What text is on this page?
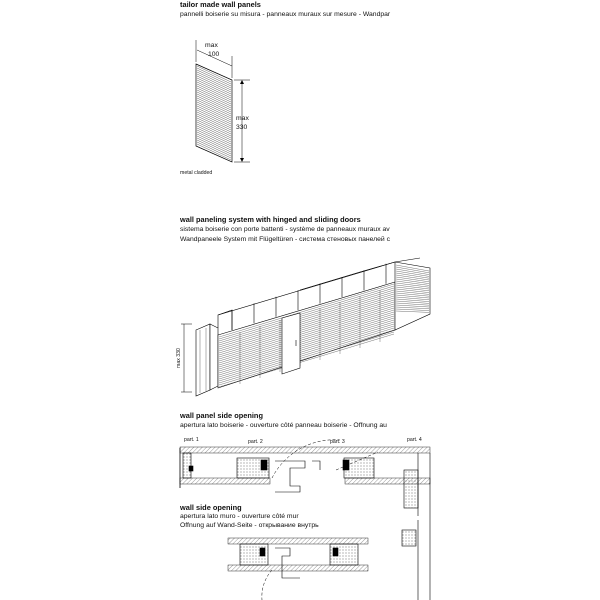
tailor made wall panels
pannelli boiserie su misura - panneaux muraux sur mesure - Wandpar
max
100
max
330
metal cladded
wall paneling system with hinged and sliding doors
sistema boiserie con porte battenti - système de panneaux muraux av
Wandpaneele System mit Flügeltüren - система стеновых панелей с
max 330
wall panel side opening
apertura lato boiserie - ouverture côté panneau boiserie - Öffnung au
part. 1	part. 2	part. 3	part. 4
wall side opening
apertura lato muro - ouverture côté mur
Öffnung auf Wand-Seite - открывание внутрь
